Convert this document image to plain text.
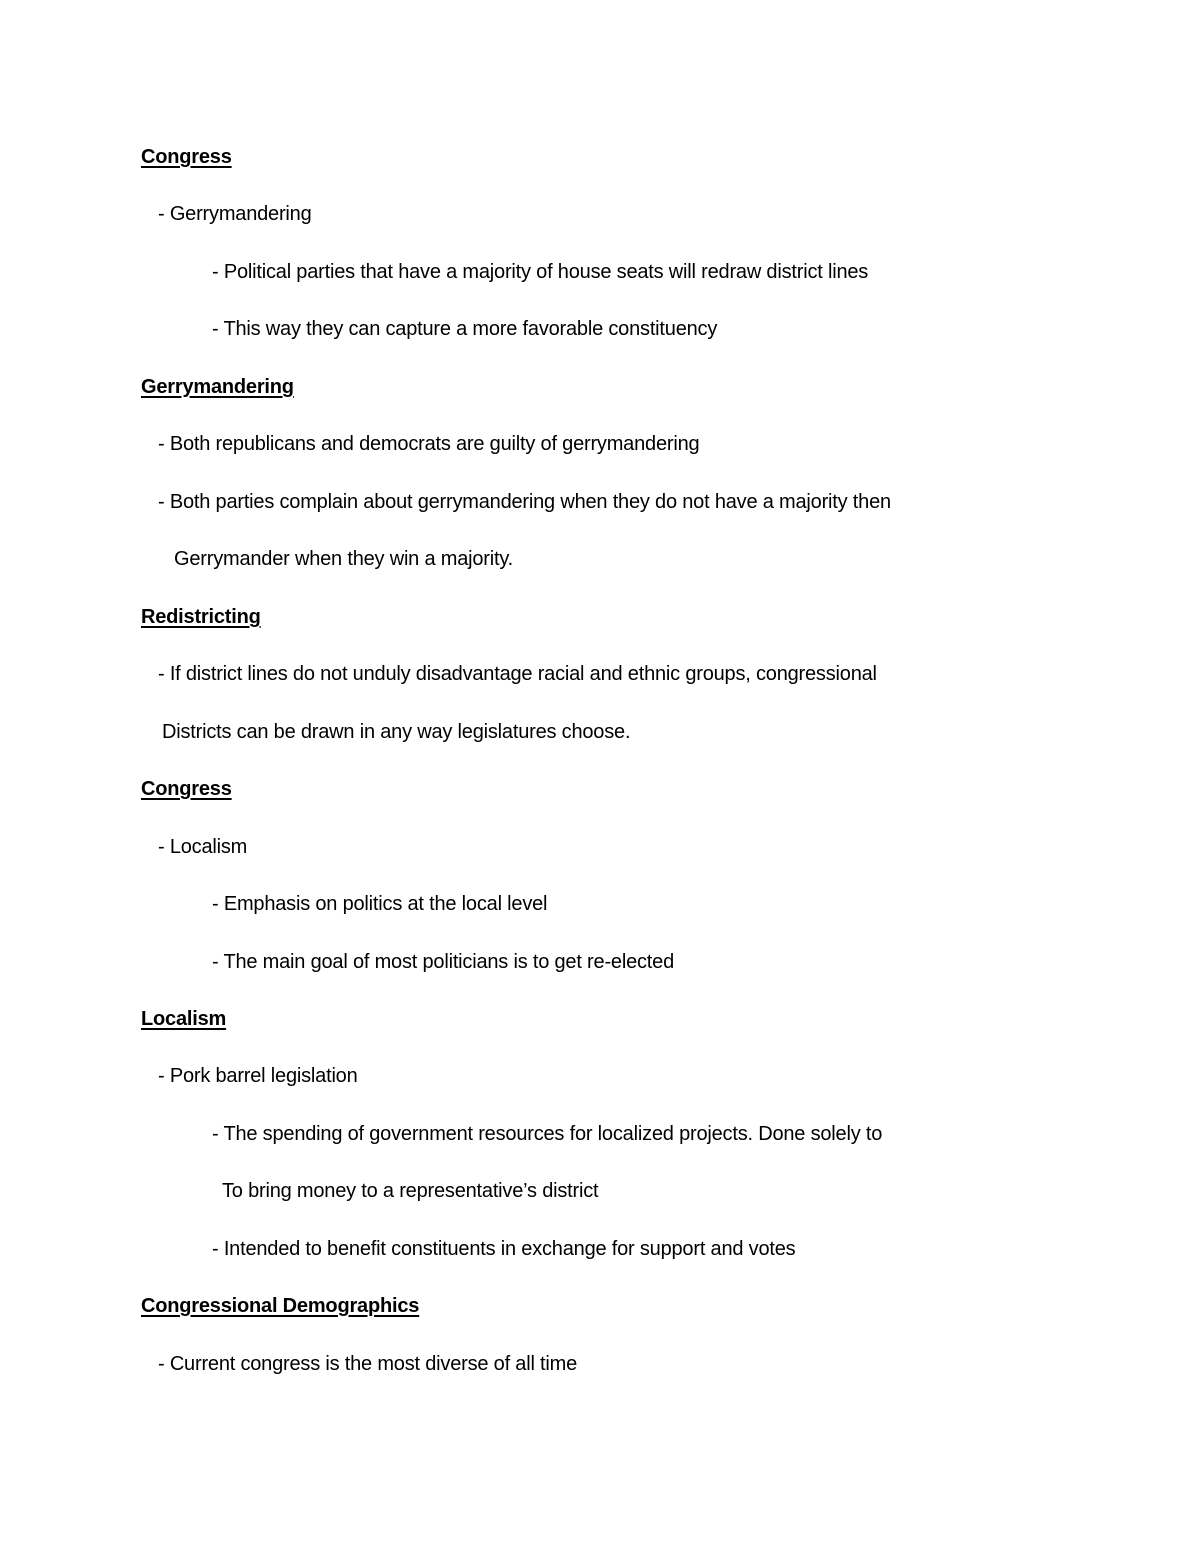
Congress
- Gerrymandering
- Political parties that have a majority of house seats will redraw district lines
- This way they can capture a more favorable constituency
Gerrymandering
- Both republicans and democrats are guilty of gerrymandering
- Both parties complain about gerrymandering when they do not have a majority then
Gerrymander when they win a majority.
Redistricting
- If district lines do not unduly disadvantage racial and ethnic groups, congressional
Districts can be drawn in any way legislatures choose.
Congress
- Localism
- Emphasis on politics at the local level
- The main goal of most politicians is to get re-elected
Localism
- Pork barrel legislation
- The spending of government resources for localized projects. Done solely to
To bring money to a representative’s district
- Intended to benefit constituents in exchange for support and votes
Congressional Demographics
- Current congress is the most diverse of all time
